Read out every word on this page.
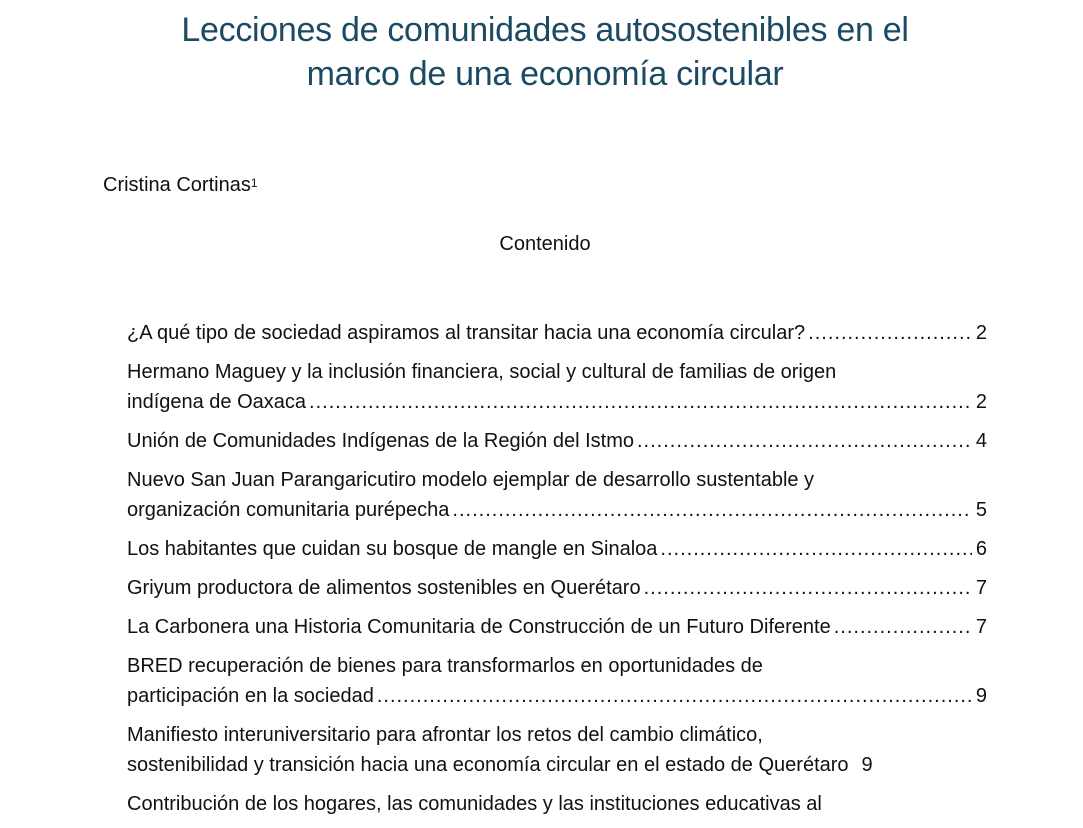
Lecciones de comunidades autosostenibles en el
marco de una economía circular
Cristina Cortinas$^1$
Contenido
¿A qué tipo de sociedad aspiramos al transitar hacia una economía circular? .....	2
Hermano Maguey y la inclusión financiera, social y cultural de familias de origen
indígena de Oaxaca .....	2
Unión de Comunidades Indígenas de la Región del Istmo .....	4
Nuevo San Juan Parangaricutiro modelo ejemplar de desarrollo sustentable y
organización comunitaria purépecha .....	5
Los habitantes que cuidan su bosque de mangle en Sinaloa .....	6
Griyum productora de alimentos sostenibles en Querétaro .....	7
La Carbonera una Historia Comunitaria de Construcción de un Futuro Diferente .....	7
BRED recuperación de bienes para transformarlos en oportunidades de
participación en la sociedad .....	9
Manifiesto interuniversitario para afrontar los retos del cambio climático,
sostenibilidad y transición hacia una economía circular en el estado de Querétaro 9
Contribución de los hogares, las comunidades y las instituciones educativas al
